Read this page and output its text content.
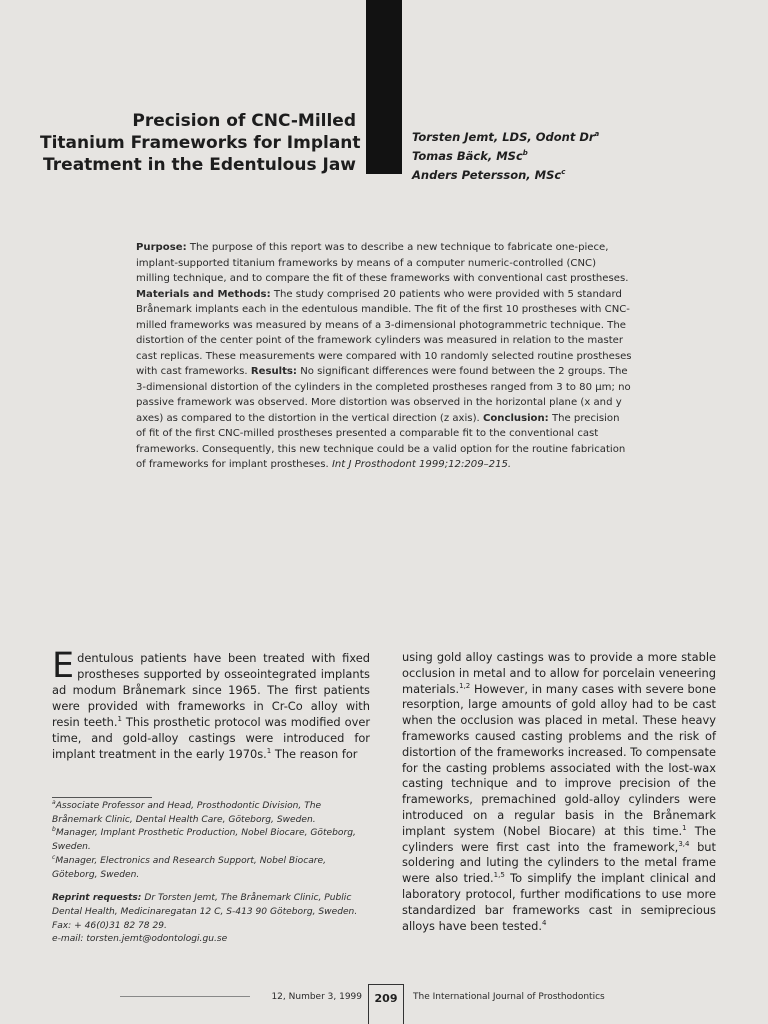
Precision of CNC-Milled
Titanium Frameworks for Implant
Treatment in the Edentulous Jaw
Torsten Jemt, LDS, Odont Dr$^a$
Tomas Bäck, MSc$^b$
Anders Petersson, MSc$^c$
Purpose: The purpose of this report was to describe a new technique to fabricate one-piece, implant-supported titanium frameworks by means of a computer numeric-controlled (CNC) milling technique, and to compare the fit of these frameworks with conventional cast prostheses. Materials and Methods: The study comprised 20 patients who were provided with 5 standard Brånemark implants each in the edentulous mandible. The fit of the first 10 prostheses with CNC-milled frameworks was measured by means of a 3-dimensional photogrammetric technique. The distortion of the center point of the framework cylinders was measured in relation to the master cast replicas. These measurements were compared with 10 randomly selected routine prostheses with cast frameworks. Results: No significant differences were found between the 2 groups. The 3-dimensional distortion of the cylinders in the completed prostheses ranged from 3 to 80 µm; no passive framework was observed. More distortion was observed in the horizontal plane (x and y axes) as compared to the distortion in the vertical direction (z axis). Conclusion: The precision of fit of the first CNC-milled prostheses presented a comparable fit to the conventional cast frameworks. Consequently, this new technique could be a valid option for the routine fabrication of frameworks for implant prostheses. Int J Prosthodont 1999;12:209–215.
Edentulous patients have been treated with fixed prostheses supported by osseointegrated implants ad modum Brånemark since 1965. The first patients were provided with frameworks in Cr-Co alloy with resin teeth.$^1$ This prosthetic protocol was modified over time, and gold-alloy castings were introduced for implant treatment in the early 1970s.$^1$ The reason for
using gold alloy castings was to provide a more stable occlusion in metal and to allow for porcelain veneering materials.$^{1,2}$ However, in many cases with severe bone resorption, large amounts of gold alloy had to be cast when the occlusion was placed in metal. These heavy frameworks caused casting problems and the risk of distortion of the frameworks increased. To compensate for the casting problems associated with the lost-wax casting technique and to improve precision of the frameworks, premachined gold-alloy cylinders were introduced on a regular basis in the Brånemark implant system (Nobel Biocare) at this time.$^1$ The cylinders were first cast into the framework,$^{3,4}$ but soldering and luting the cylinders to the metal frame were also tried.$^{1,5}$ To simplify the implant clinical and laboratory protocol, further modifications to use more standardized bar frameworks cast in semiprecious alloys have been tested.$^4$

$^a$Associate Professor and Head, Prosthodontic Division, The Brånemark Clinic, Dental Health Care, Göteborg, Sweden.

$^b$Manager, Implant Prosthetic Production, Nobel Biocare, Göteborg, Sweden.

$^c$Manager, Electronics and Research Support, Nobel Biocare, Göteborg, Sweden.

Reprint requests: Dr Torsten Jemt, The Brånemark Clinic, Public Dental Health, Medicinaregatan 12 C, S-413 90 Göteborg, Sweden. Fax: + 46(0)31 82 78 29.

e-mail: torsten.jemt@odontologi.gu.se

12, Number 3, 1999 209 The International Journal of Prosthodontics
